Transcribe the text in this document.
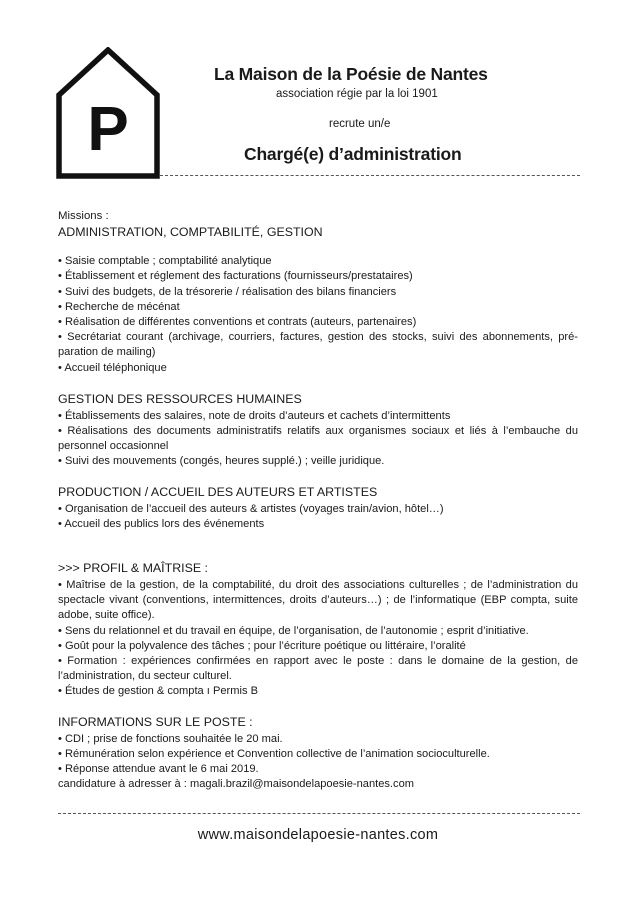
P
La Maison de la Poésie de Nantes
association régie par la loi 1901
recrute un/e
Chargé(e) d’administration

Missions :

ADMINISTRATION, COMPTABILITÉ, GESTION

• Saisie comptable ; comptabilité analytique

• Établissement et réglement des facturations (fournisseurs/prestataires)

• Suivi des budgets, de la trésorerie / réalisation des bilans financiers

• Recherche de mécénat

• Réalisation de différentes conventions et contrats (auteurs, partenaires)

• Secrétariat courant (archivage, courriers, factures, gestion des stocks, suivi des abonnements, pré-paration de mailing)

• Accueil téléphonique

GESTION DES RESSOURCES HUMAINES

• Établissements des salaires, note de droits d’auteurs et cachets d’intermittents

• Réalisations des documents administratifs relatifs aux organismes sociaux et liés à l’embauche du personnel occasionnel

• Suivi des mouvements (congés, heures supplé.) ; veille juridique.

PRODUCTION / ACCUEIL DES AUTEURS ET ARTISTES

• Organisation de l’accueil des auteurs & artistes (voyages train/avion, hôtel…)

• Accueil des publics lors des événements

>>> PROFIL & MAÎTRISE :

• Maîtrise de la gestion, de la comptabilité, du droit des associations culturelles ; de l’administration du spectacle vivant (conventions, intermittences, droits d’auteurs…) ; de l’informatique (EBP compta, suite adobe, suite office).

• Sens du relationnel et du travail en équipe, de l’organisation, de l’autonomie ; esprit d’initiative.

• Goût pour la polyvalence des tâches ; pour l’écriture poétique ou littéraire, l’oralité

• Formation : expériences confirmées en rapport avec le poste : dans le domaine de la gestion, de l’administration, du secteur culturel.

• Études de gestion & compta ı Permis B

INFORMATIONS SUR LE POSTE :

• CDI ; prise de fonctions souhaitée le 20 mai.

• Rémunération selon expérience et Convention collective de l’animation socioculturelle.

• Réponse attendue avant le 6 mai 2019.

candidature à adresser à : magali.brazil@maisondelapoesie-nantes.com

www.maisondelapoesie-nantes.com
